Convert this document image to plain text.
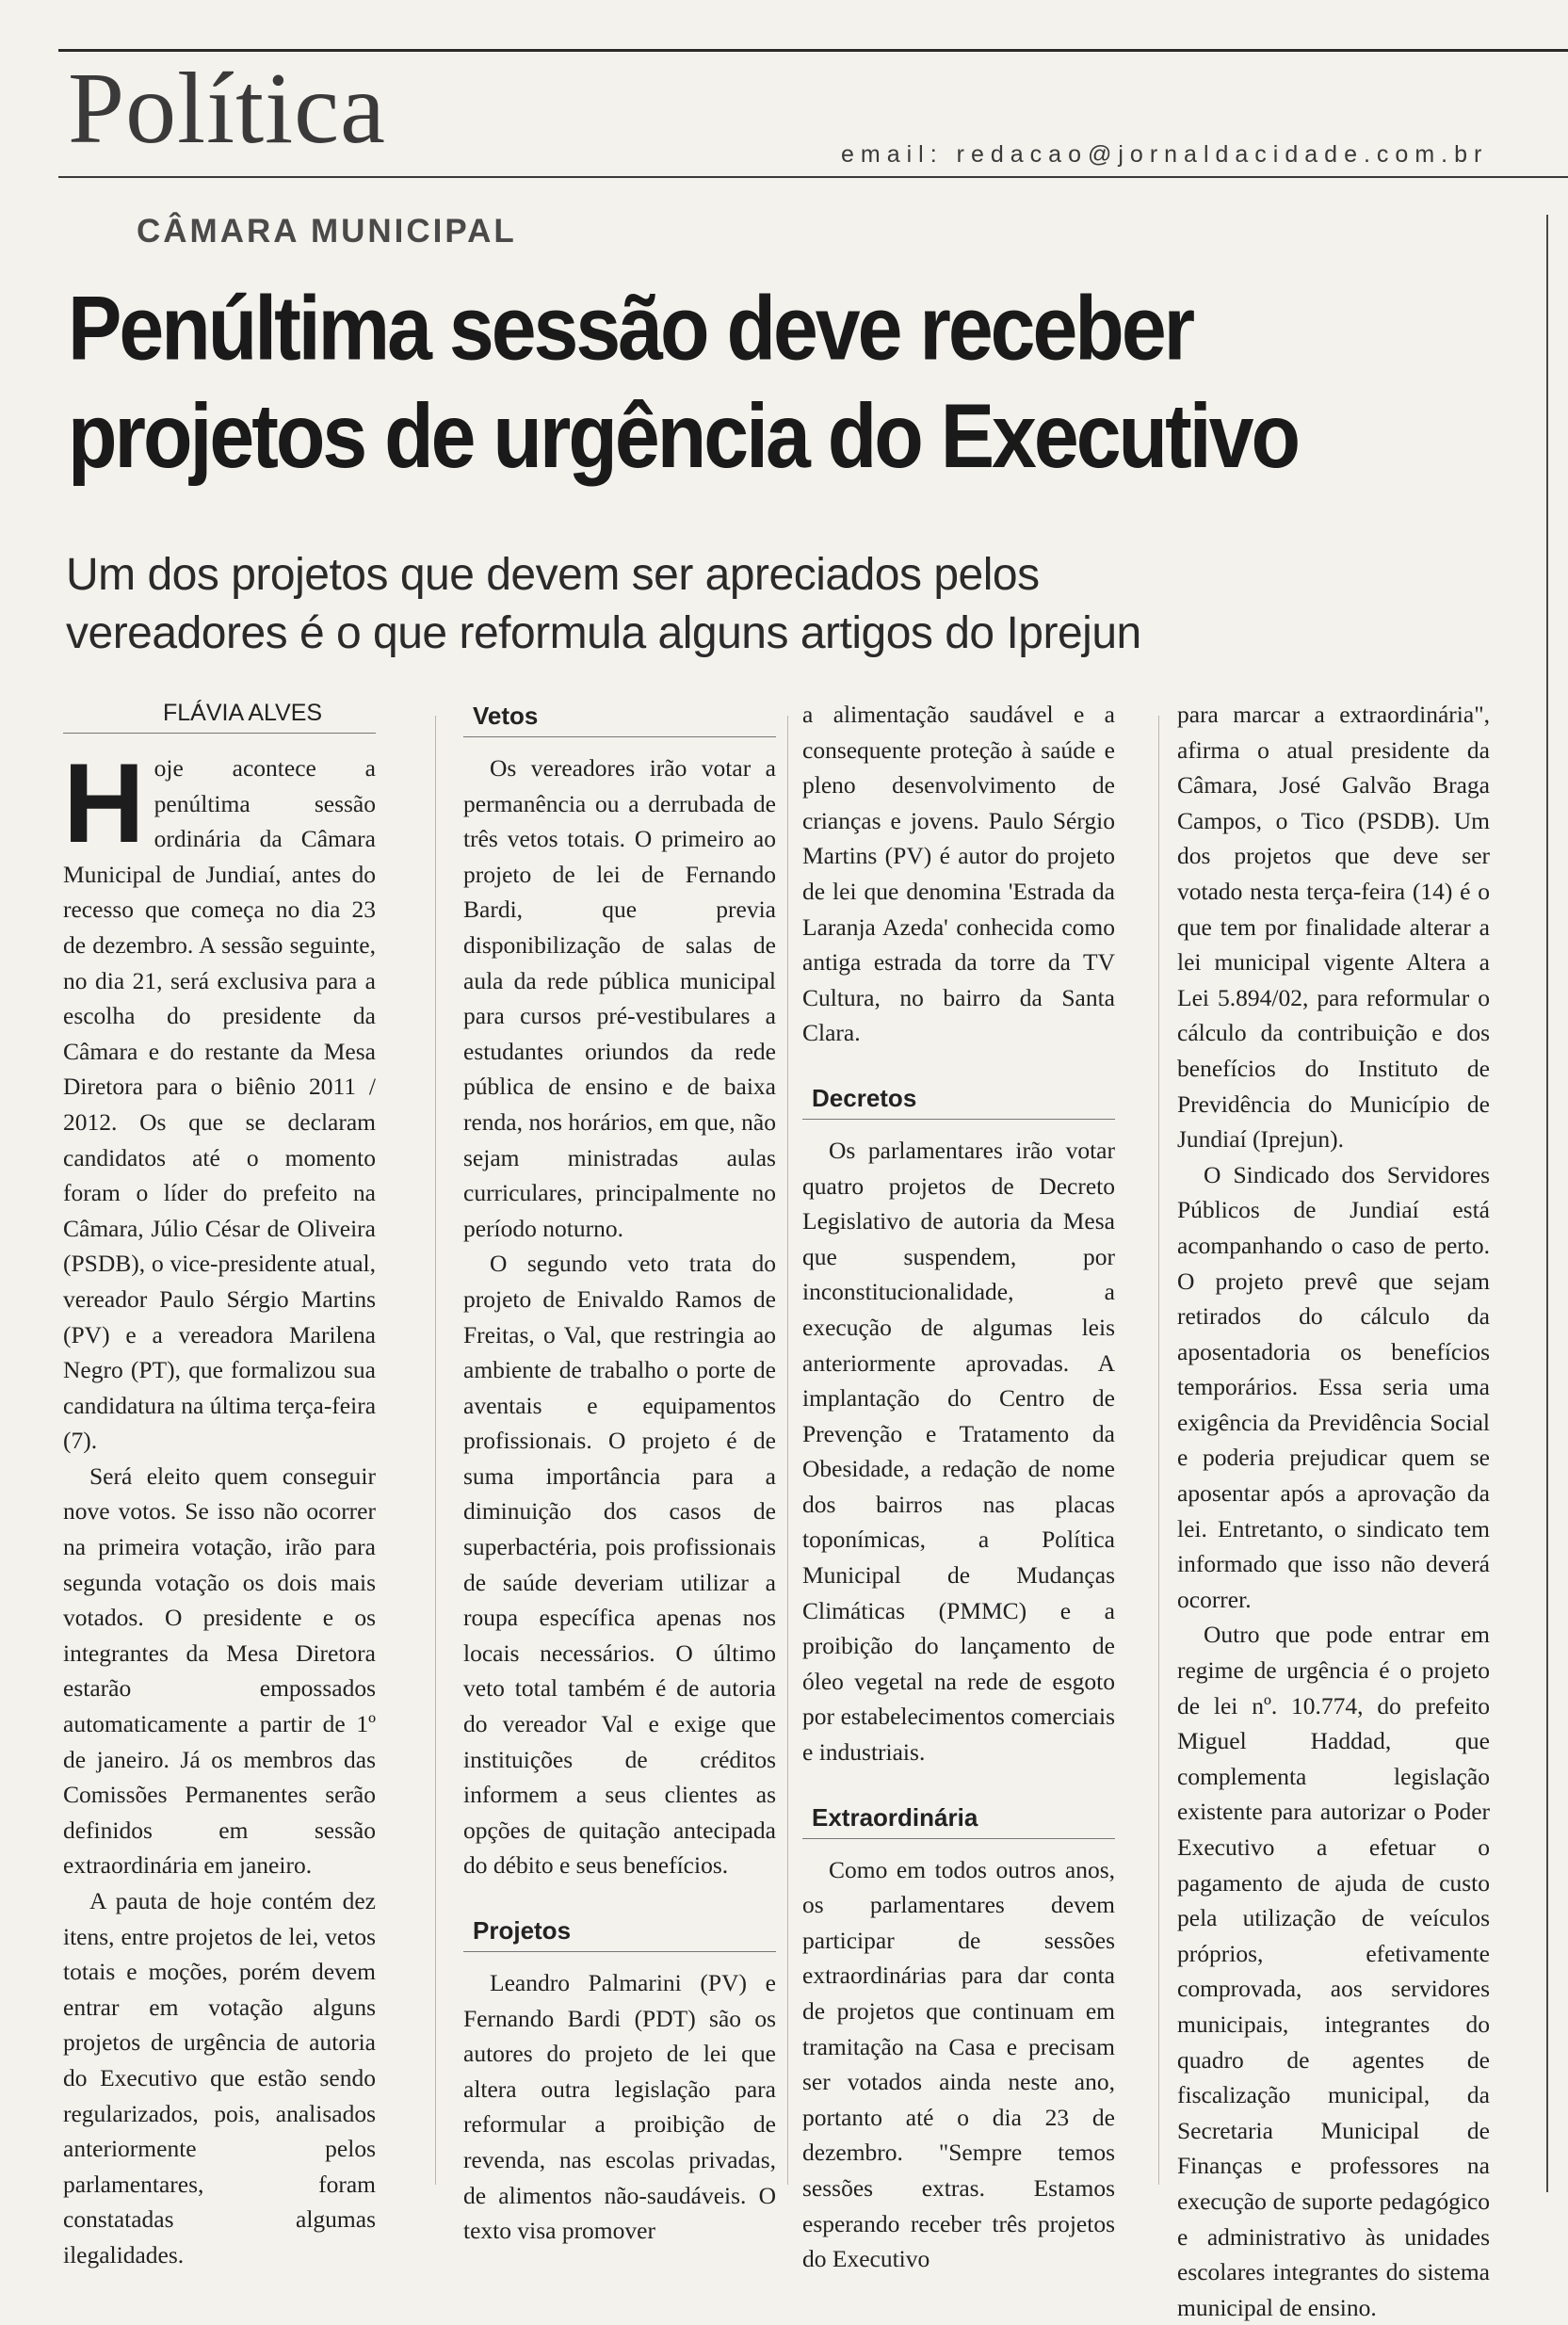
Política	email: redacao@jornaldacidade.com.br
CÂMARA MUNICIPAL
Penúltima sessão deve receber
projetos de urgência do Executivo
Um dos projetos que devem ser apreciados pelos
vereadores é o que reformula alguns artigos do Iprejun
FLÁVIA ALVES

Hoje acontece a penúltima sessão ordinária da Câmara Municipal de Jundiaí, antes do recesso que começa no dia 23 de dezembro. A sessão seguinte, no dia 21, será exclusiva para a escolha do presidente da Câmara e do restante da Mesa Diretora para o biênio 2011 / 2012. Os que se declaram candidatos até o momento foram o líder do prefeito na Câmara, Júlio César de Oliveira (PSDB), o vice-presidente atual, vereador Paulo Sérgio Martins (PV) e a vereadora Marilena Negro (PT), que formalizou sua candidatura na última terça-feira (7).

Será eleito quem conseguir nove votos. Se isso não ocorrer na primeira votação, irão para segunda votação os dois mais votados. O presidente e os integrantes da Mesa Diretora estarão empossados automaticamente a partir de 1º de janeiro. Já os membros das Comissões Permanentes serão definidos em sessão extraordinária em janeiro.

A pauta de hoje contém dez itens, entre projetos de lei, vetos totais e moções, porém devem entrar em votação alguns projetos de urgência de autoria do Executivo que estão sendo regularizados, pois, analisados anteriormente pelos parlamentares, foram constatadas algumas ilegalidades.

Vetos

Os vereadores irão votar a permanência ou a derrubada de três vetos totais. O primeiro ao projeto de lei de Fernando Bardi, que previa disponibilização de salas de aula da rede pública municipal para cursos pré-vestibulares a estudantes oriundos da rede pública de ensino e de baixa renda, nos horários, em que, não sejam ministradas aulas curriculares, principalmente no período noturno.

O segundo veto trata do projeto de Enivaldo Ramos de Freitas, o Val, que restringia ao ambiente de trabalho o porte de aventais e equipamentos profissionais. O projeto é de suma importância para a diminuição dos casos de superbactéria, pois profissionais de saúde deveriam utilizar a roupa específica apenas nos locais necessários. O último veto total também é de autoria do vereador Val e exige que instituições de créditos informem a seus clientes as opções de quitação antecipada do débito e seus benefícios.

Projetos

Leandro Palmarini (PV) e Fernando Bardi (PDT) são os autores do projeto de lei que altera outra legislação para reformular a proibição de revenda, nas escolas privadas, de alimentos não-saudáveis. O texto visa promover

a alimentação saudável e a consequente proteção à saúde e pleno desenvolvimento de crianças e jovens. Paulo Sérgio Martins (PV) é autor do projeto de lei que denomina 'Estrada da Laranja Azeda' conhecida como antiga estrada da torre da TV Cultura, no bairro da Santa Clara.

Decretos

Os parlamentares irão votar quatro projetos de Decreto Legislativo de autoria da Mesa que suspendem, por inconstitucionalidade, a execução de algumas leis anteriormente aprovadas. A implantação do Centro de Prevenção e Tratamento da Obesidade, a redação de nome dos bairros nas placas toponímicas, a Política Municipal de Mudanças Climáticas (PMMC) e a proibição do lançamento de óleo vegetal na rede de esgoto por estabelecimentos comerciais e industriais.

Extraordinária

Como em todos outros anos, os parlamentares devem participar de sessões extraordinárias para dar conta de projetos que continuam em tramitação na Casa e precisam ser votados ainda neste ano, portanto até o dia 23 de dezembro. "Sempre temos sessões extras. Estamos esperando receber três projetos do Executivo

para marcar a extraordinária", afirma o atual presidente da Câmara, José Galvão Braga Campos, o Tico (PSDB). Um dos projetos que deve ser votado nesta terça-feira (14) é o que tem por finalidade alterar a lei municipal vigente Altera a Lei 5.894/02, para reformular o cálculo da contribuição e dos benefícios do Instituto de Previdência do Município de Jundiaí (Iprejun).

O Sindicado dos Servidores Públicos de Jundiaí está acompanhando o caso de perto. O projeto prevê que sejam retirados do cálculo da aposentadoria os benefícios temporários. Essa seria uma exigência da Previdência Social e poderia prejudicar quem se aposentar após a aprovação da lei. Entretanto, o sindicato tem informado que isso não deverá ocorrer.

Outro que pode entrar em regime de urgência é o projeto de lei nº. 10.774, do prefeito Miguel Haddad, que complementa legislação existente para autorizar o Poder Executivo a efetuar o pagamento de ajuda de custo pela utilização de veículos próprios, efetivamente comprovada, aos servidores municipais, integrantes do quadro de agentes de fiscalização municipal, da Secretaria Municipal de Finanças e professores na execução de suporte pedagógico e administrativo às unidades escolares integrantes do sistema municipal de ensino.
